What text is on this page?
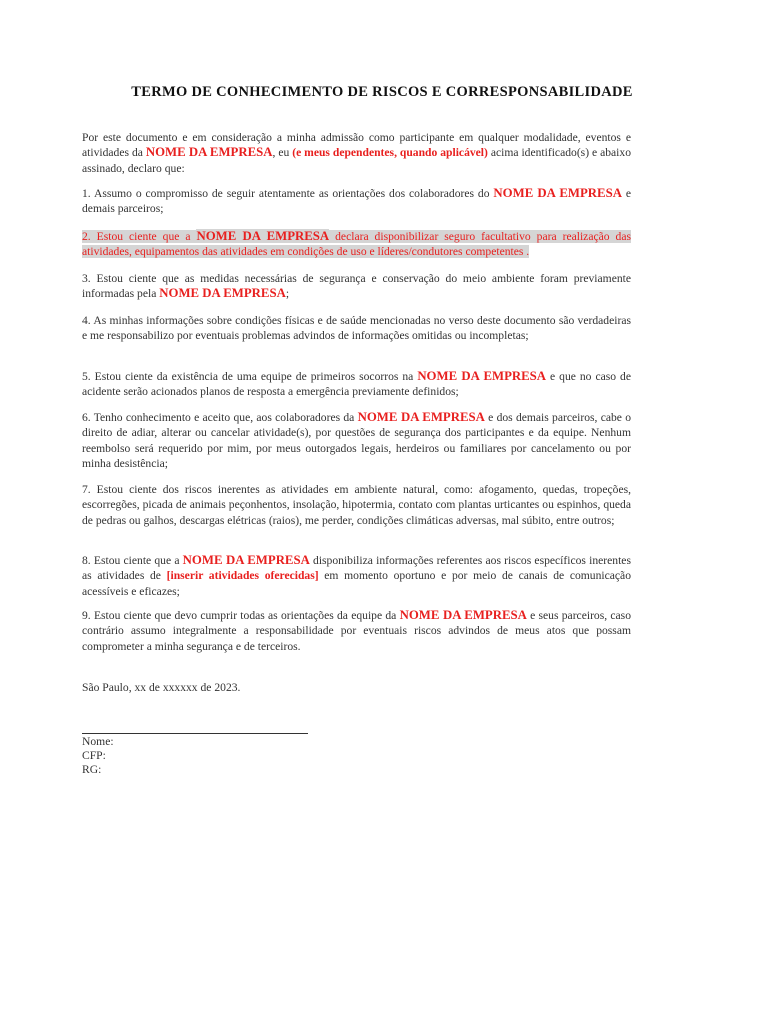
TERMO DE CONHECIMENTO DE RISCOS E CORRESPONSABILIDADE
Por este documento e em consideração a minha admissão como participante em qualquer modalidade, eventos e atividades da NOME DA EMPRESA, eu (e meus dependentes, quando aplicável) acima identificado(s) e abaixo assinado, declaro que:
1. Assumo o compromisso de seguir atentamente as orientações dos colaboradores do NOME DA EMPRESA e demais parceiros;
2. Estou ciente que a NOME DA EMPRESA declara disponibilizar seguro facultativo para realização das atividades, equipamentos das atividades em condições de uso e líderes/condutores competentes .
3. Estou ciente que as medidas necessárias de segurança e conservação do meio ambiente foram previamente informadas pela NOME DA EMPRESA;
4. As minhas informações sobre condições físicas e de saúde mencionadas no verso deste documento são verdadeiras e me responsabilizo por eventuais problemas advindos de informações omitidas ou incompletas;
5. Estou ciente da existência de uma equipe de primeiros socorros na NOME DA EMPRESA e que no caso de acidente serão acionados planos de resposta a emergência previamente definidos;
6. Tenho conhecimento e aceito que, aos colaboradores da NOME DA EMPRESA e dos demais parceiros, cabe o direito de adiar, alterar ou cancelar atividade(s), por questões de segurança dos participantes e da equipe. Nenhum reembolso será requerido por mim, por meus outorgados legais, herdeiros ou familiares por cancelamento ou por minha desistência;
7. Estou ciente dos riscos inerentes as atividades em ambiente natural, como: afogamento, quedas, tropeções, escorregões, picada de animais peçonhentos, insolação, hipotermia, contato com plantas urticantes ou espinhos, queda de pedras ou galhos, descargas elétricas (raios), me perder, condições climáticas adversas, mal súbito, entre outros;
8. Estou ciente que a NOME DA EMPRESA disponibiliza informações referentes aos riscos específicos inerentes as atividades de [inserir atividades oferecidas] em momento oportuno e por meio de canais de comunicação acessíveis e eficazes;
9. Estou ciente que devo cumprir todas as orientações da equipe da NOME DA EMPRESA e seus parceiros, caso contrário assumo integralmente a responsabilidade por eventuais riscos advindos de meus atos que possam comprometer a minha segurança e de terceiros.
São Paulo, xx de xxxxxx de 2023.
Nome:
CFP:
RG:
